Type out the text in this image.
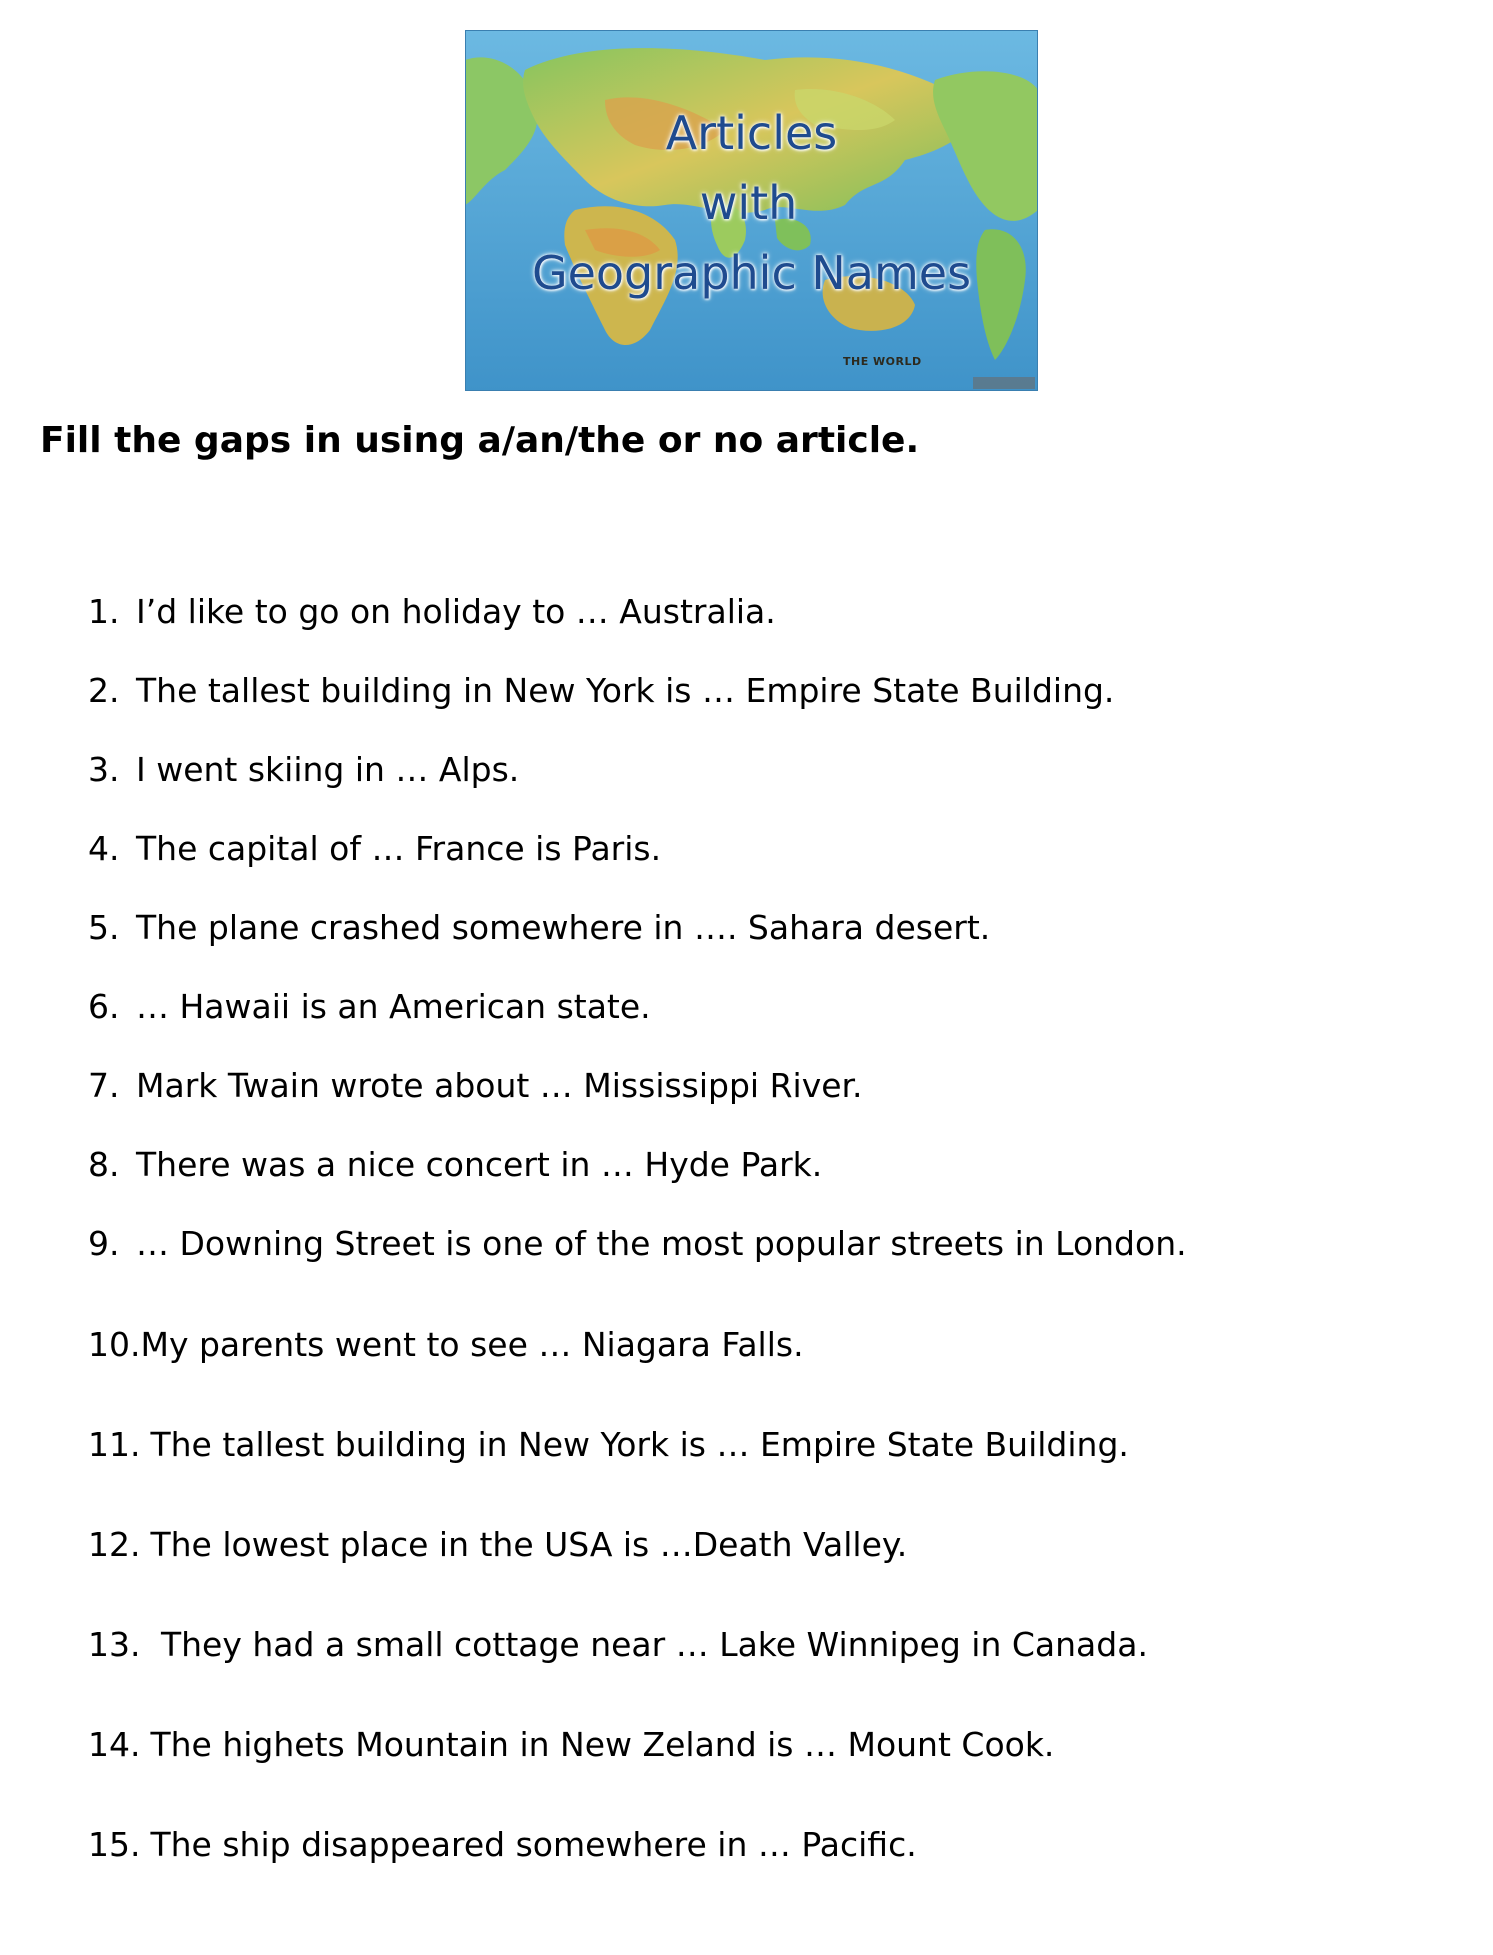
Articles
with
Geographic Names
THE WORLD

Fill the gaps in using a/an/the or no article.

1. I’d like to go on holiday to … Australia.
2. The tallest building in New York is … Empire State Building.
3. I went skiing in … Alps.
4. The capital of … France is Paris.
5. The plane crashed somewhere in …. Sahara desert.
6. … Hawaii is an American state.
7. Mark Twain wrote about … Mississippi River.
8. There was a nice concert in … Hyde Park.
9. … Downing Street is one of the most popular streets in London.
10.My parents went to see … Niagara Falls.
11. The tallest building in New York is … Empire State Building.
12. The lowest place in the USA is …Death Valley.
13. They had a small cottage near … Lake Winnipeg in Canada.
14. The highets Mountain in New Zeland is … Mount Cook.
15. The ship disappeared somewhere in … Pacific.
